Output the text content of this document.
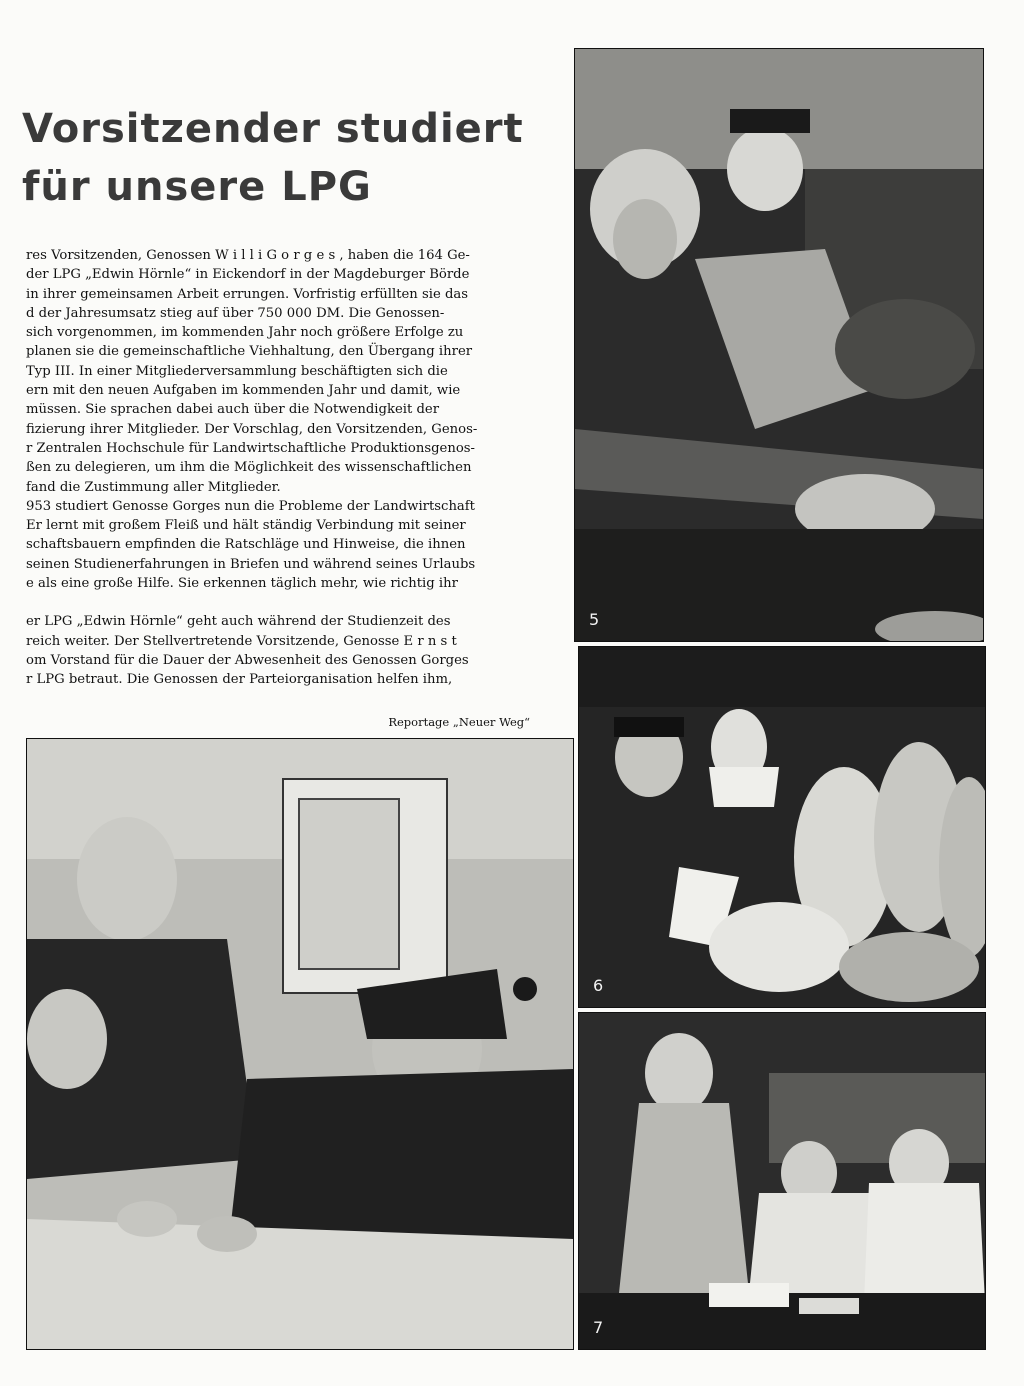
Vorsitzender studiert
für unsere LPG

res Vorsitzenden, Genossen W i l l i G o r g e s , haben die 164 Ge-

der LPG „Edwin Hörnle“ in Eickendorf in der Magdeburger Börde

in ihrer gemeinsamen Arbeit errungen. Vorfristig erfüllten sie das

d der Jahresumsatz stieg auf über 750 000 DM. Die Genossen-

sich vorgenommen, im kommenden Jahr noch größere Erfolge zu

planen sie die gemeinschaftliche Viehhaltung, den Übergang ihrer

Typ III. In einer Mitgliederversammlung beschäftigten sich die

ern mit den neuen Aufgaben im kommenden Jahr und damit, wie

müssen. Sie sprachen dabei auch über die Notwendigkeit der

fizierung ihrer Mitglieder. Der Vorschlag, den Vorsitzenden, Genos-

r Zentralen Hochschule für Landwirtschaftliche Produktionsgenos-

ßen zu delegieren, um ihm die Möglichkeit des wissenschaftlichen

fand die Zustimmung aller Mitglieder.

953 studiert Genosse Gorges nun die Probleme der Landwirtschaft

Er lernt mit großem Fleiß und hält ständig Verbindung mit seiner

schaftsbauern empfinden die Ratschläge und Hinweise, die ihnen

seinen Studienerfahrungen in Briefen und während seines Urlaubs

e als eine große Hilfe. Sie erkennen täglich mehr, wie richtig ihr

er LPG „Edwin Hörnle“ geht auch während der Studienzeit des

reich weiter. Der Stellvertretende Vorsitzende, Genosse E r n s t

om Vorstand für die Dauer der Abwesenheit des Genossen Gorges

r LPG betraut. Die Genossen der Parteiorganisation helfen ihm,

Reportage „Neuer Weg“
5
6
7
